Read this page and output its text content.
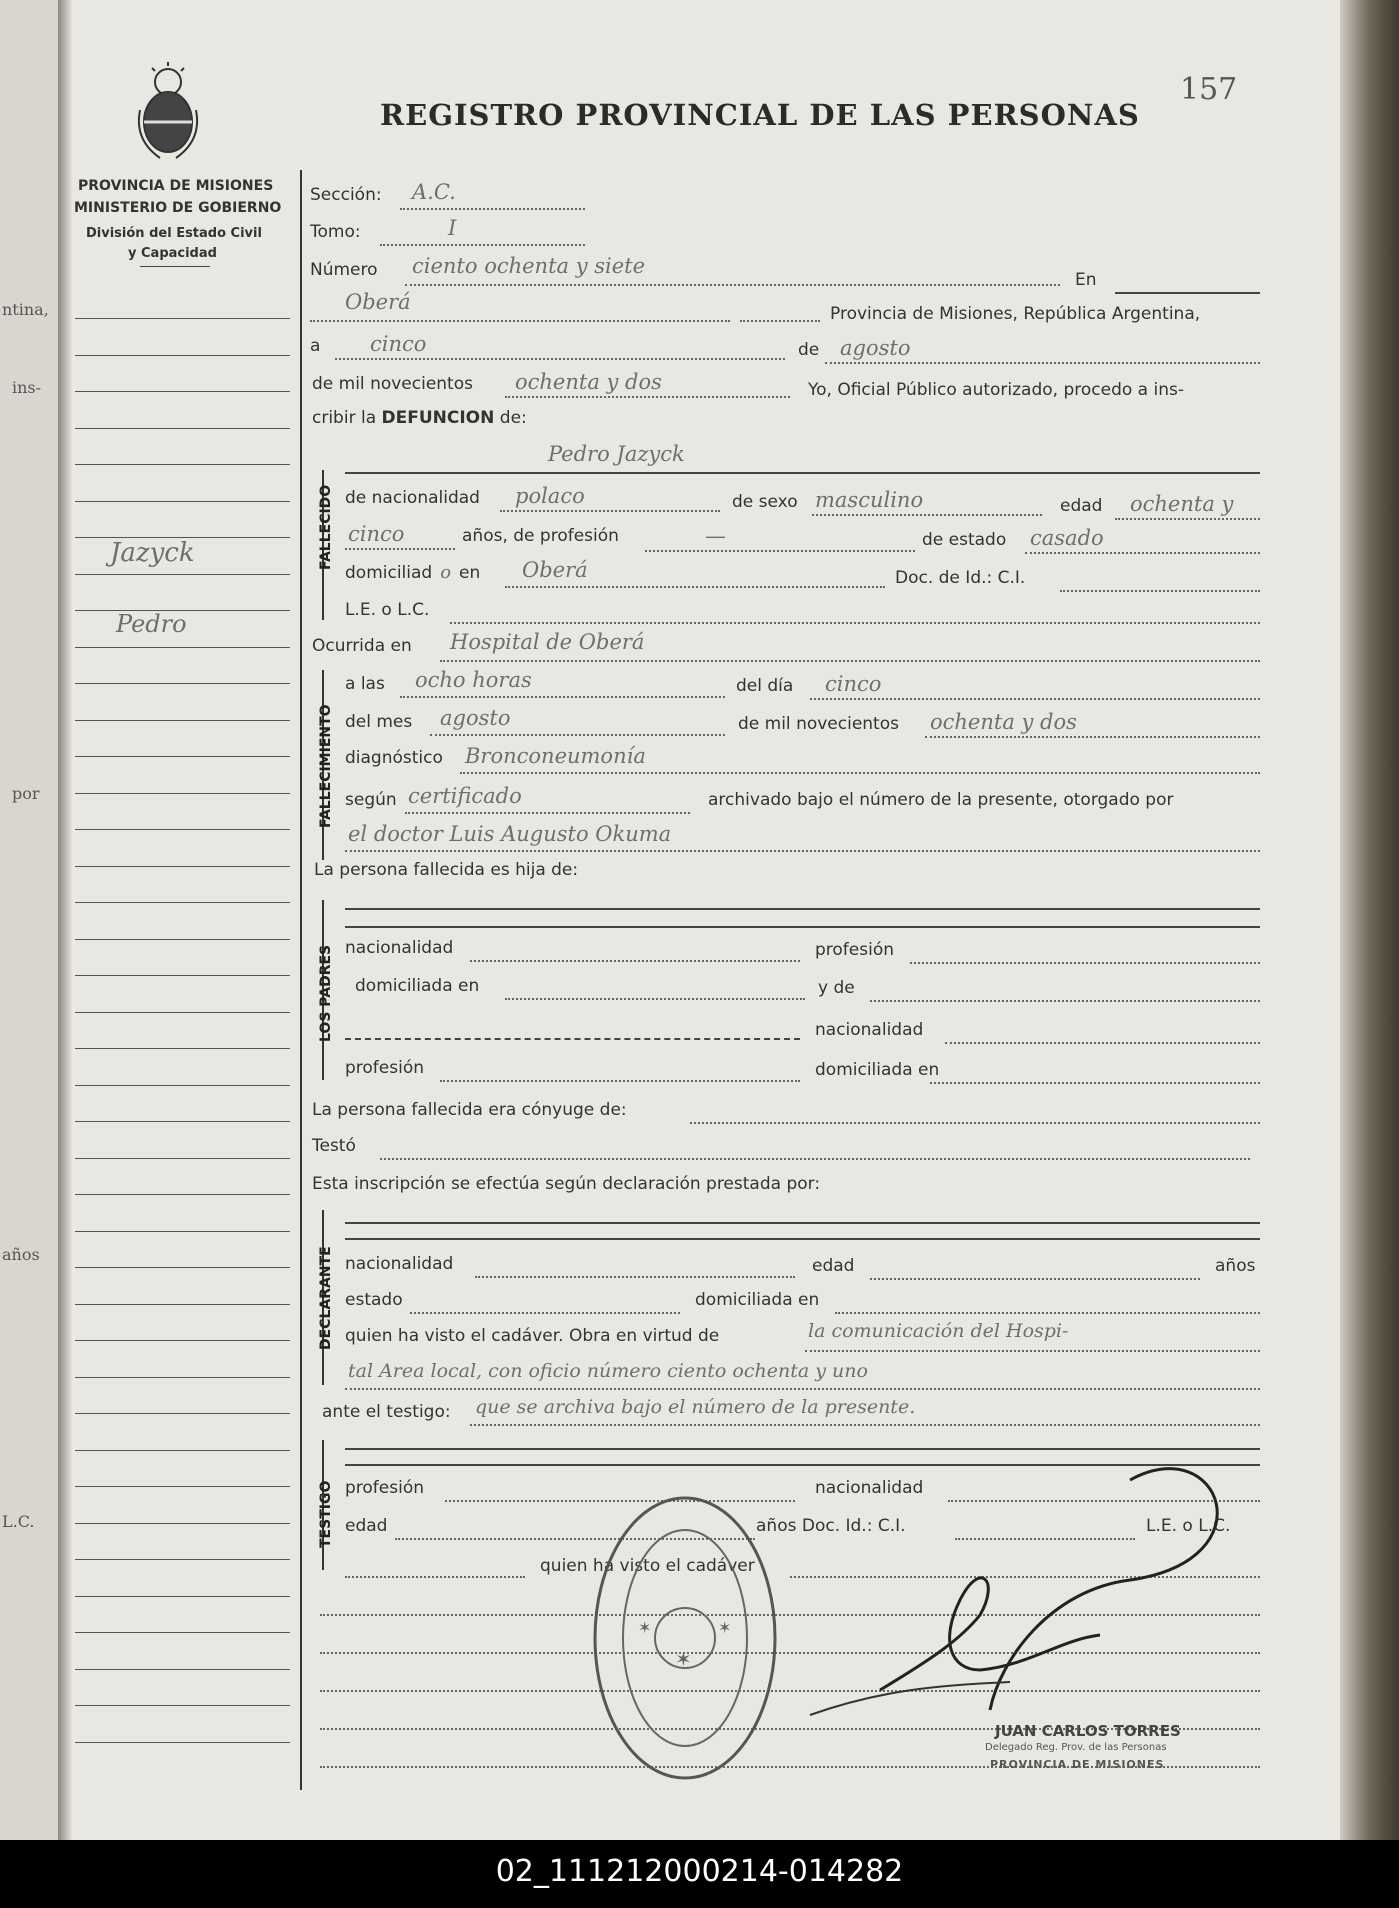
ntina,
ins-
por
años
L.C.
PROVINCIA DE MISIONES
MINISTERIO DE GOBIERNO
División del Estado Civil
y Capacidad
REGISTRO PROVINCIAL DE LAS PERSONAS
157
Jazyck
Pedro
Sección: A.C.
Tomo:	I
Número ciento ochenta y siete
En
Oberá	Provincia de Misiones, República Argentina,
a cinco	de agosto
de mil novecientos ochenta y dos	Yo, Oficial Público autorizado, procedo a ins-
cribir la DEFUNCION de:
FALLECIDO
Pedro Jazyck
de nacionalidad polaco	de sexo masculino	edad ochenta y
cinco	años, de profesión	—	de estado casado
domiciliad o en Oberá	Doc. de Id.: C.I.
L.E. o L.C.
Ocurrida en Hospital de Oberá
FALLECIMIENTO
a las ocho horas	del día cinco
del mes agosto	de mil novecientos ochenta y dos
diagnóstico Bronconeumonía
según certificado	archivado bajo el número de la presente, otorgado por
el doctor Luis Augusto Okuma
La persona fallecida es hija de:
LOS PADRES nacionalidad	profesión
domiciliada en	y de
nacionalidad
profesión	domiciliada en
La persona fallecida era cónyuge de:
Testó
Esta inscripción se efectúa según declaración prestada por:
DECLARANTE nacionalidad	edad	años
estado	domiciliada en
quien ha visto el cadáver. Obra en virtud de	la comunicación del Hospi-
tal Area local, con oficio número ciento ochenta y uno
ante el testigo: que se archiva bajo el número de la presente.
TESTIGO profesión	nacionalidad
edad	años Doc. Id.: C.I.	L.E. o L.C.
quien ha visto el cadáver
✶
✶	✶
JUAN CARLOS TORRES
Delegado Reg. Prov. de las Personas
PROVINCIA DE MISIONES
02_111212000214-014282
